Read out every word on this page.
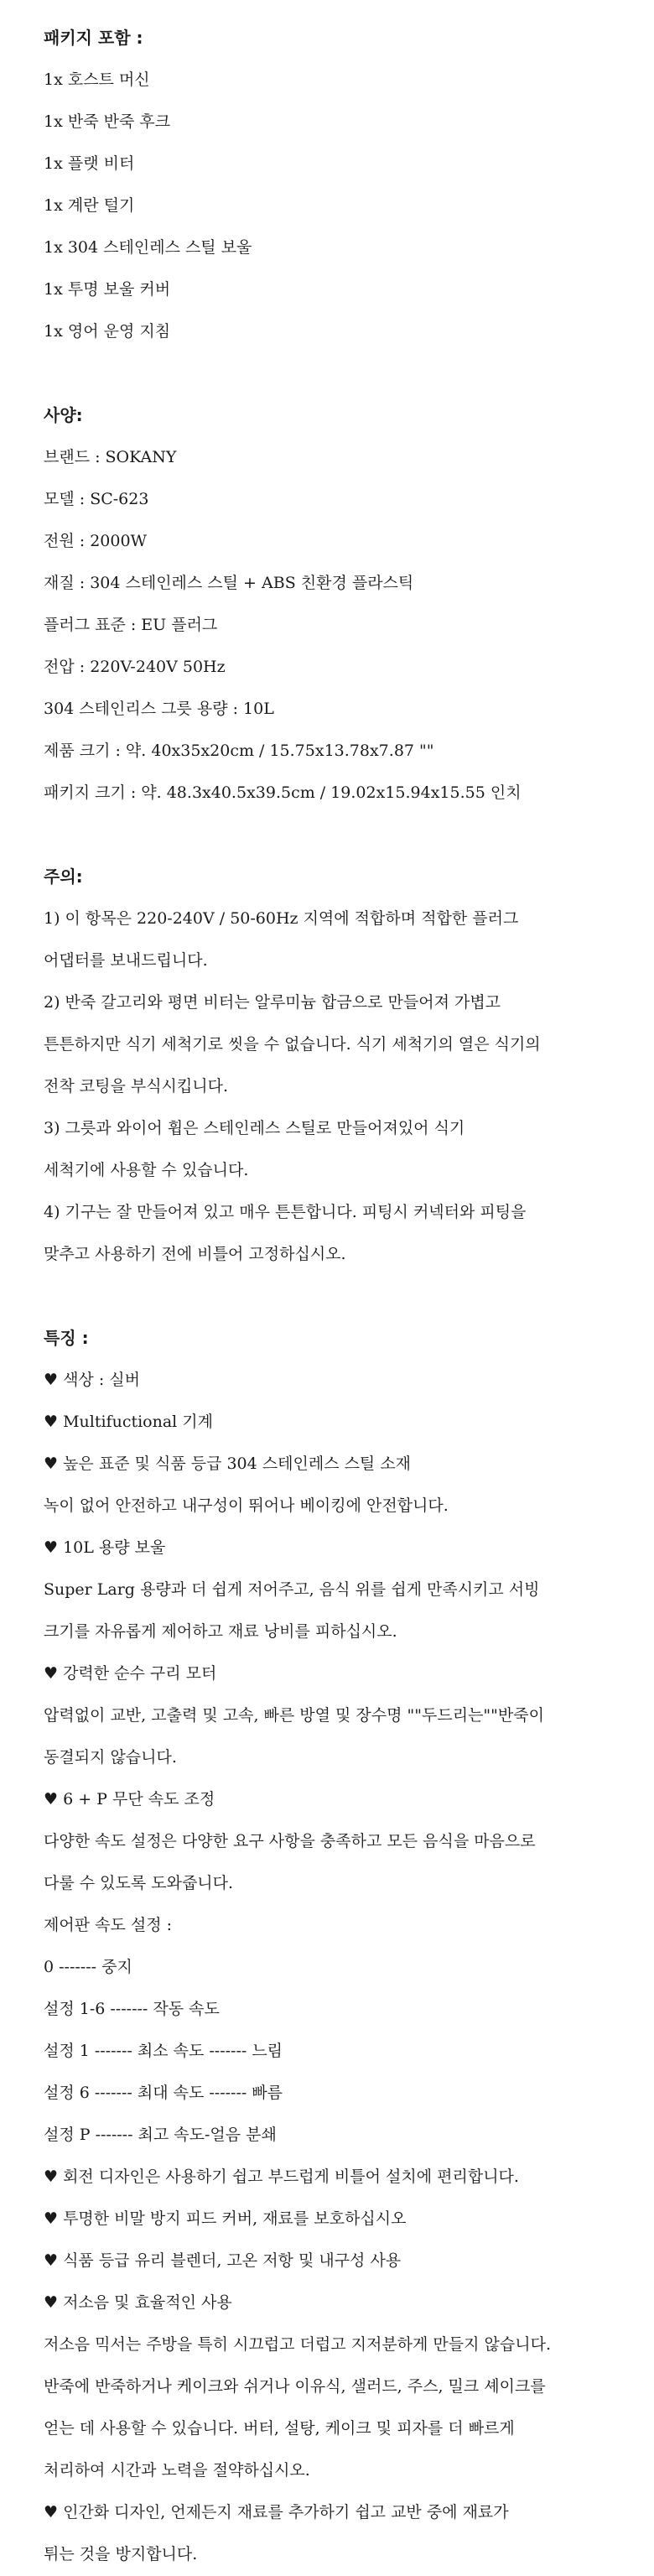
패키지 포함 :

1x 호스트 머신

1x 반죽 반죽 후크

1x 플랫 비터

1x 계란 털기

1x 304 스테인레스 스틸 보울

1x 투명 보울 커버

1x 영어 운영 지침

사양:

브랜드 : SOKANY

모델 : SC-623

전원 : 2000W

재질 : 304 스테인레스 스틸 + ABS 친환경 플라스틱

플러그 표준 : EU 플러그

전압 : 220V-240V 50Hz

304 스테인리스 그릇 용량 : 10L

제품 크기 : 약. 40x35x20cm / 15.75x13.78x7.87 ""

패키지 크기 : 약. 48.3x40.5x39.5cm / 19.02x15.94x15.55 인치

주의:

1) 이 항목은 220-240V / 50-60Hz 지역에 적합하며 적합한 플러그

어댑터를 보내드립니다.

2) 반죽 갈고리와 평면 비터는 알루미늄 합금으로 만들어져 가볍고

튼튼하지만 식기 세척기로 씻을 수 없습니다. 식기 세척기의 열은 식기의

전착 코팅을 부식시킵니다.

3) 그릇과 와이어 휩은 스테인레스 스틸로 만들어져있어 식기

세척기에 사용할 수 있습니다.

4) 기구는 잘 만들어져 있고 매우 튼튼합니다. 피팅시 커넥터와 피팅을

맞추고 사용하기 전에 비틀어 고정하십시오.

특징 :

♥ 색상 : 실버

♥ Multifuctional 기계

♥ 높은 표준 및 식품 등급 304 스테인레스 스틸 소재

녹이 없어 안전하고 내구성이 뛰어나 베이킹에 안전합니다.

♥ 10L 용량 보울

Super Larg 용량과 더 쉽게 저어주고, 음식 위를 쉽게 만족시키고 서빙

크기를 자유롭게 제어하고 재료 낭비를 피하십시오.

♥ 강력한 순수 구리 모터

압력없이 교반, 고출력 및 고속, 빠른 방열 및 장수명 ""두드리는""반죽이

동결되지 않습니다.

♥ 6 + P 무단 속도 조정

다양한 속도 설정은 다양한 요구 사항을 충족하고 모든 음식을 마음으로

다룰 수 있도록 도와줍니다.

제어판 속도 설정 :

0 ------- 중지

설정 1-6 ------- 작동 속도

설정 1 ------- 최소 속도 ------- 느림

설정 6 ------- 최대 속도 ------- 빠름

설정 P ------- 최고 속도-얼음 분쇄

♥ 회전 디자인은 사용하기 쉽고 부드럽게 비틀어 설치에 편리합니다.

♥ 투명한 비말 방지 피드 커버, 재료를 보호하십시오

♥ 식품 등급 유리 블렌더, 고온 저항 및 내구성 사용

♥ 저소음 및 효율적인 사용

저소음 믹서는 주방을 특히 시끄럽고 더럽고 지저분하게 만들지 않습니다.

반죽에 반죽하거나 케이크와 쉬거나 이유식, 샐러드, 주스, 밀크 셰이크를

얻는 데 사용할 수 있습니다. 버터, 설탕, 케이크 및 피자를 더 빠르게

처리하여 시간과 노력을 절약하십시오.

♥ 인간화 디자인, 언제든지 재료를 추가하기 쉽고 교반 중에 재료가

튀는 것을 방지합니다.
